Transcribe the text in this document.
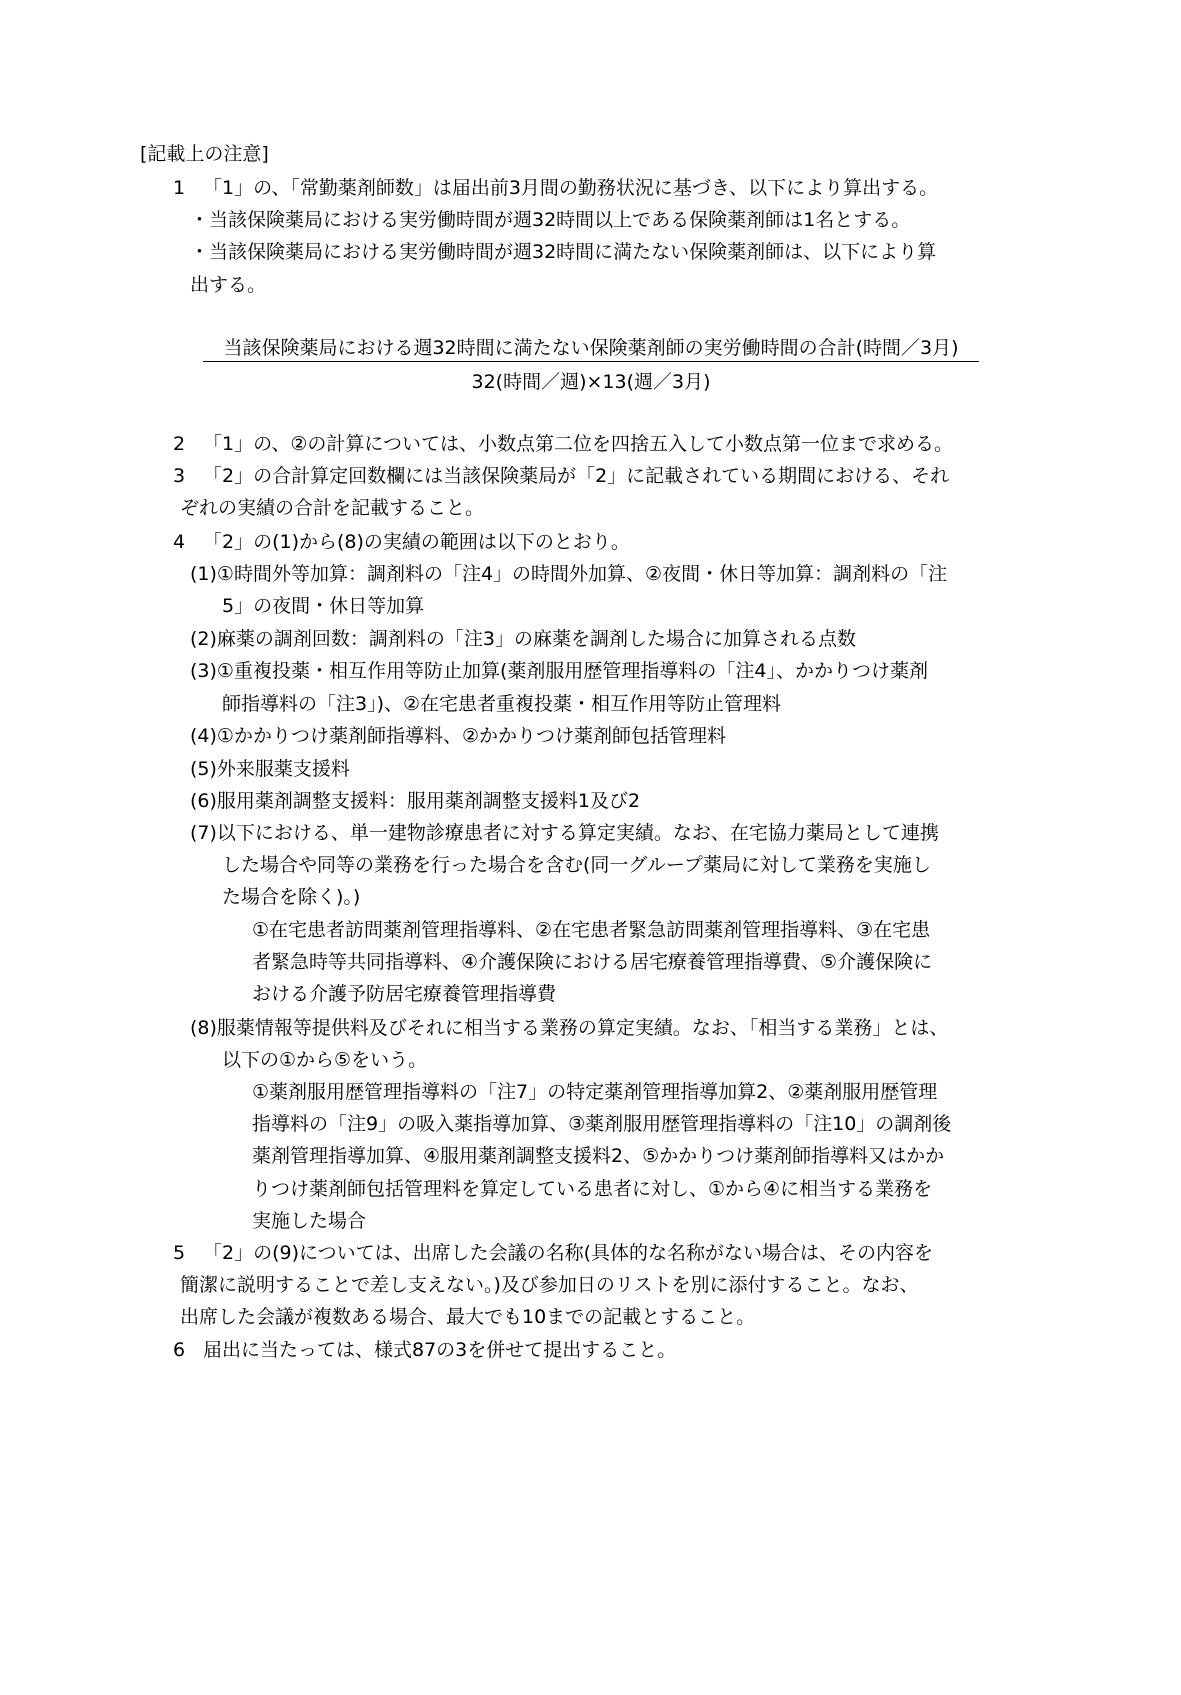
[記載上の注意]
1 「1」の、「常勤薬剤師数」は届出前3月間の勤務状況に基づき、以下により算出する。
・当該保険薬局における実労働時間が週32時間以上である保険薬剤師は1名とする。
・当該保険薬局における実労働時間が週32時間に満たない保険薬剤師は、以下により算
出する。
当該保険薬局における週32時間に満たない保険薬剤師の実労働時間の合計(時間／3月)
32(時間／週)×13(週／3月)
2 「1」の、②の計算については、小数点第二位を四捨五入して小数点第一位まで求める。
3 「2」の合計算定回数欄には当該保険薬局が「2」に記載されている期間における、それ
ぞれの実績の合計を記載すること。
4 「2」の(1)から(8)の実績の範囲は以下のとおり。
(1)①時間外等加算：調剤料の「注4」の時間外加算、②夜間・休日等加算：調剤料の「注
5」の夜間・休日等加算
(2)麻薬の調剤回数：調剤料の「注3」の麻薬を調剤した場合に加算される点数
(3)①重複投薬・相互作用等防止加算(薬剤服用歴管理指導料の「注4」、かかりつけ薬剤
師指導料の「注3」)、②在宅患者重複投薬・相互作用等防止管理料
(4)①かかりつけ薬剤師指導料、②かかりつけ薬剤師包括管理料
(5)外来服薬支援料
(6)服用薬剤調整支援料：服用薬剤調整支援料1及び2
(7)以下における、単一建物診療患者に対する算定実績。なお、在宅協力薬局として連携
した場合や同等の業務を行った場合を含む(同一グループ薬局に対して業務を実施し
た場合を除く)。)
①在宅患者訪問薬剤管理指導料、②在宅患者緊急訪問薬剤管理指導料、③在宅患
者緊急時等共同指導料、④介護保険における居宅療養管理指導費、⑤介護保険に
おける介護予防居宅療養管理指導費
(8)服薬情報等提供料及びそれに相当する業務の算定実績。なお、「相当する業務」とは、
以下の①から⑤をいう。
①薬剤服用歴管理指導料の「注7」の特定薬剤管理指導加算2、②薬剤服用歴管理
指導料の「注9」の吸入薬指導加算、③薬剤服用歴管理指導料の「注10」の調剤後
薬剤管理指導加算、④服用薬剤調整支援料2、⑤かかりつけ薬剤師指導料又はかか
りつけ薬剤師包括管理料を算定している患者に対し、①から④に相当する業務を
実施した場合
5 「2」の(9)については、出席した会議の名称(具体的な名称がない場合は、その内容を
簡潔に説明することで差し支えない。)及び参加日のリストを別に添付すること。なお、
出席した会議が複数ある場合、最大でも10までの記載とすること。
6 届出に当たっては、様式87の3を併せて提出すること。
